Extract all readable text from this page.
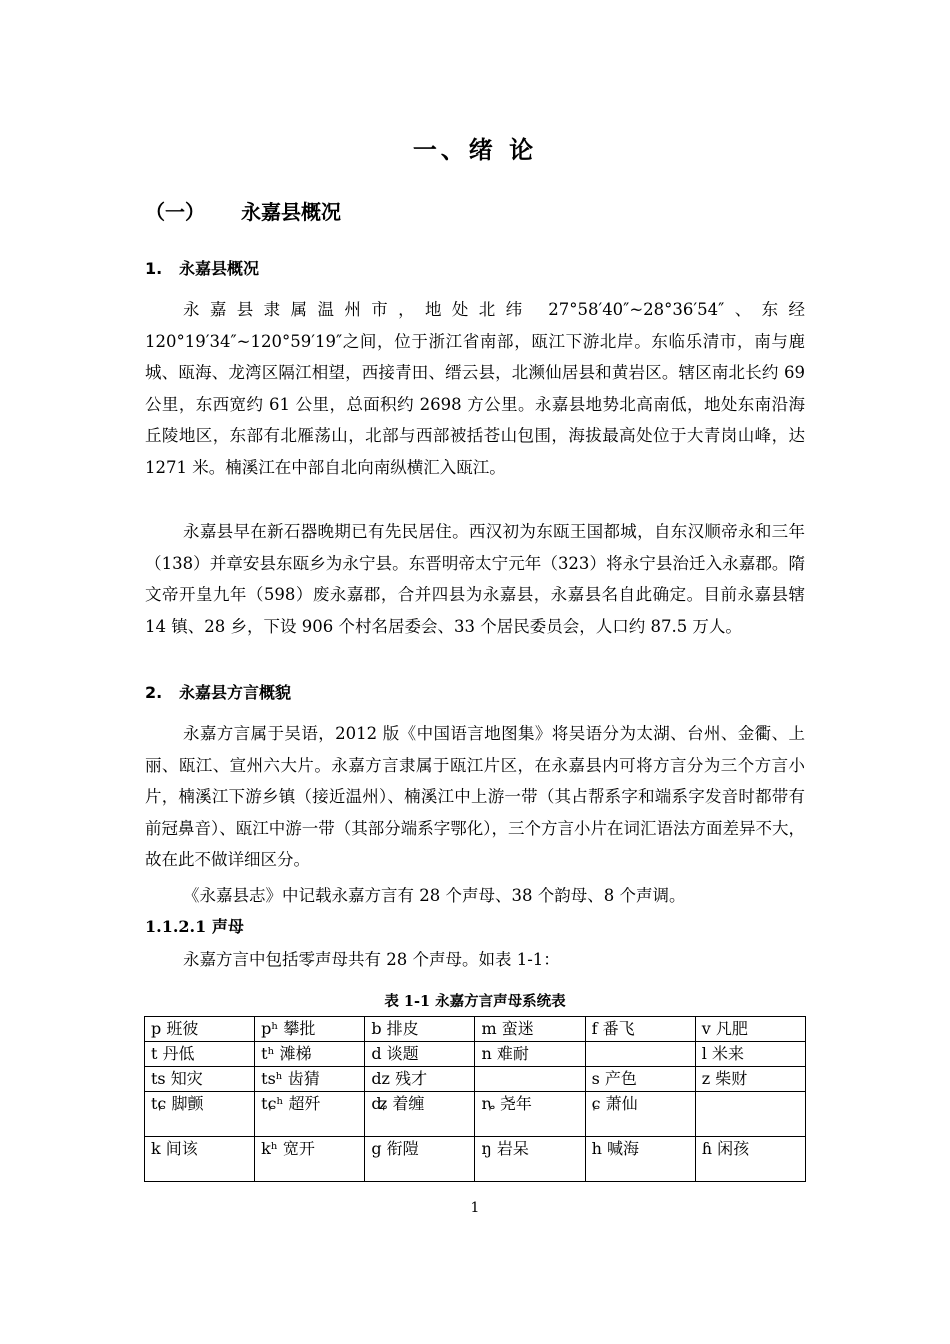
一、绪 论
（一） 永嘉县概况
1. 永嘉县概况

永嘉县隶属温州市，地处北纬 27°58′40″~28°36′54″、东经 120°19′34″~120°59′19″之间，位于浙江省南部，瓯江下游北岸。东临乐清市，南与鹿城、瓯海、龙湾区隔江相望，西接青田、缙云县，北濒仙居县和黄岩区。辖区南北长约 69 公里，东西宽约 61 公里，总面积约 2698 方公里。永嘉县地势北高南低，地处东南沿海丘陵地区，东部有北雁荡山，北部与西部被括苍山包围，海拔最高处位于大青岗山峰，达 1271 米。楠溪江在中部自北向南纵横汇入瓯江。

永嘉县早在新石器晚期已有先民居住。西汉初为东瓯王国都城，自东汉顺帝永和三年（138）并章安县东瓯乡为永宁县。东晋明帝太宁元年（323）将永宁县治迁入永嘉郡。隋文帝开皇九年（598）废永嘉郡，合并四县为永嘉县，永嘉县名自此确定。目前永嘉县辖 14 镇、28 乡，下设 906 个村名居委会、33 个居民委员会，人口约 87.5 万人。

2. 永嘉县方言概貌

永嘉方言属于吴语，2012 版《中国语言地图集》将吴语分为太湖、台州、金衢、上丽、瓯江、宣州六大片。永嘉方言隶属于瓯江片区，在永嘉县内可将方言分为三个方言小片，楠溪江下游乡镇（接近温州）、楠溪江中上游一带（其占帮系字和端系字发音时都带有前冠鼻音）、瓯江中游一带（其部分端系字鄂化），三个方言小片在词汇语法方面差异不大，故在此不做详细区分。

《永嘉县志》中记载永嘉方言有 28 个声母、38 个韵母、8 个声调。

1.1.2.1 声母

永嘉方言中包括零声母共有 28 个声母。如表 1-1：

表 1-1 永嘉方言声母系统表
p 班彼	pʰ 攀批	b 排皮	m 蛮迷	f 番飞	v 凡肥
t 丹低	tʰ 滩梯	d 谈题	n 难耐		l 米来
ts 知灾	tsʰ 齿猜	dz 残才		s 产色	z 柴财
tɕ 脚颤	tɕʰ 超歼	ʥ 着缠	ȵ 尧年	ɕ 萧仙	
k 间该	kʰ 宽开	g 衔隑	ŋ 岩呆	h 喊海	ɦ 闲孩
1
